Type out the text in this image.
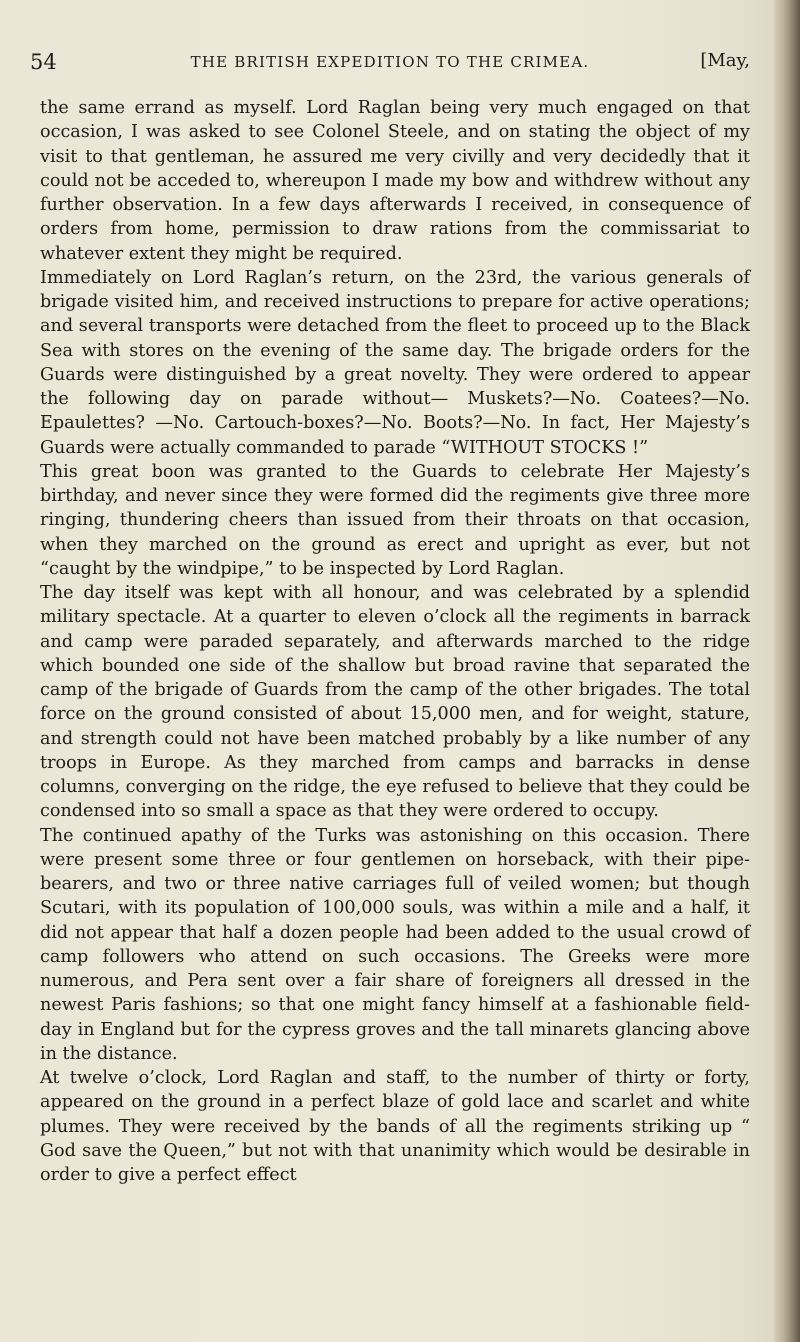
54	THE BRITISH EXPEDITION TO THE CRIMEA.	[May,

the same errand as myself. Lord Raglan being very much engaged on that occasion, I was asked to see Colonel Steele, and on stating the object of my visit to that gentleman, he assured me very civilly and very decidedly that it could not be acceded to, whereupon I made my bow and withdrew without any further observation. In a few days afterwards I received, in consequence of orders from home, permission to draw rations from the commissariat to whatever extent they might be required.

Immediately on Lord Raglan’s return, on the 23rd, the various generals of brigade visited him, and received instructions to prepare for active operations; and several transports were detached from the fleet to proceed up to the Black Sea with stores on the evening of the same day. The brigade orders for the Guards were distinguished by a great novelty. They were ordered to appear the following day on parade without— Muskets?—No. Coatees?—No. Epaulettes? —No. Cartouch-boxes?—No. Boots?—No. In fact, Her Majesty’s Guards were actually commanded to parade “WITHOUT STOCKS !”

This great boon was granted to the Guards to celebrate Her Majesty’s birthday, and never since they were formed did the regiments give three more ringing, thundering cheers than issued from their throats on that occasion, when they marched on the ground as erect and upright as ever, but not “caught by the windpipe,” to be inspected by Lord Raglan.

The day itself was kept with all honour, and was celebrated by a splendid military spectacle. At a quarter to eleven o’clock all the regiments in barrack and camp were paraded separately, and afterwards marched to the ridge which bounded one side of the shallow but broad ravine that separated the camp of the brigade of Guards from the camp of the other brigades. The total force on the ground consisted of about 15,000 men, and for weight, stature, and strength could not have been matched probably by a like number of any troops in Europe. As they marched from camps and barracks in dense columns, converging on the ridge, the eye refused to believe that they could be condensed into so small a space as that they were ordered to occupy.

The continued apathy of the Turks was astonishing on this occasion. There were present some three or four gentlemen on horseback, with their pipe-bearers, and two or three native carriages full of veiled women; but though Scutari, with its population of 100,000 souls, was within a mile and a half, it did not appear that half a dozen people had been added to the usual crowd of camp followers who attend on such occasions. The Greeks were more numerous, and Pera sent over a fair share of foreigners all dressed in the newest Paris fashions; so that one might fancy himself at a fashionable field-day in England but for the cypress groves and the tall minarets glancing above in the distance.

At twelve o’clock, Lord Raglan and staff, to the number of thirty or forty, appeared on the ground in a perfect blaze of gold lace and scarlet and white plumes. They were received by the bands of all the regiments striking up “ God save the Queen,” but not with that unanimity which would be desirable in order to give a perfect effect
